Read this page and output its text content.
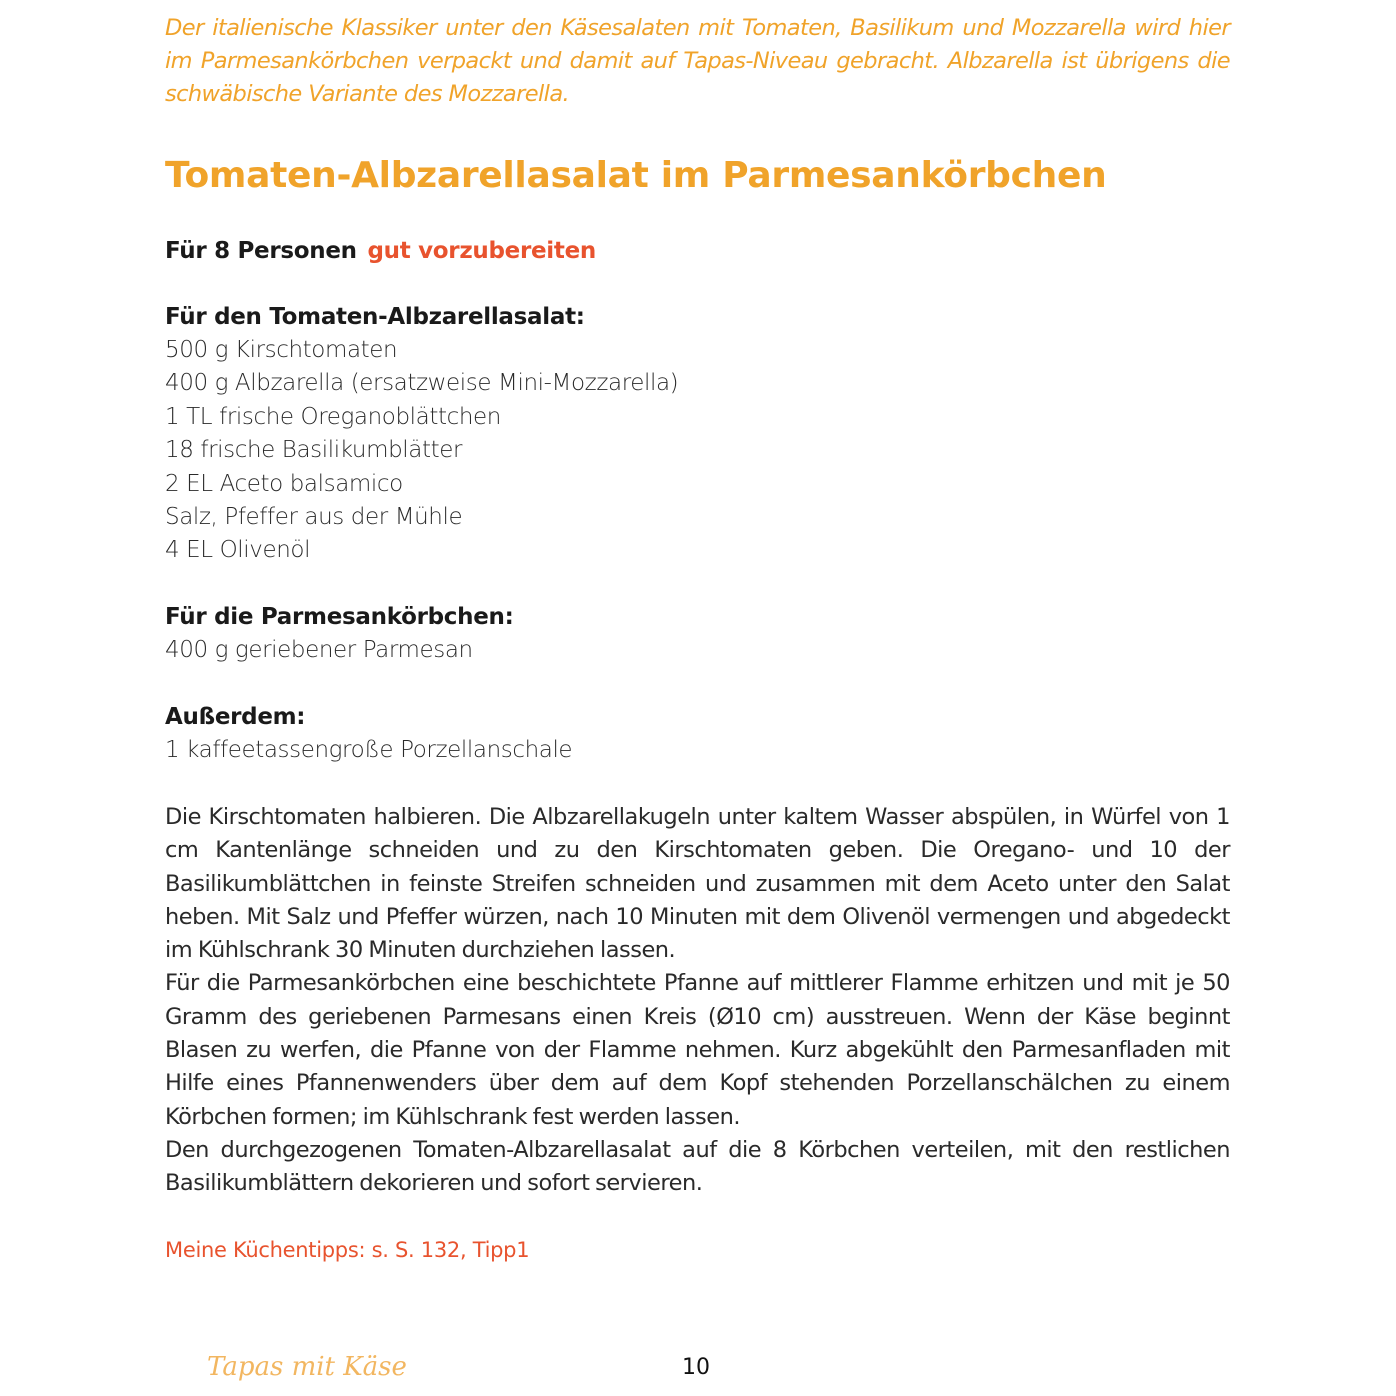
Der italienische Klassiker unter den Käsesalaten mit Tomaten, Basilikum und Mozzarella wird hier im Parmesankörbchen verpackt und damit auf Tapas-Niveau gebracht. Albzarella ist übrigens die schwäbische Variante des Mozzarella.

Tomaten-Albzarellasalat im Parmesankörbchen
Für 8 Personen gut vorzubereiten
Für den Tomaten-Albzarellasalat:
500 g Kirschtomaten
400 g Albzarella (ersatzweise Mini-Mozzarella)
1 TL frische Oreganoblättchen
18 frische Basilikumblätter
2 EL Aceto balsamico
Salz, Pfeffer aus der Mühle
4 EL Olivenöl
Für die Parmesankörbchen:
400 g geriebener Parmesan
Außerdem:
1 kaffeetassengroße Porzellanschale

Die Kirschtomaten halbieren. Die Albzarellakugeln unter kaltem Wasser abspülen, in Würfel von 1 cm Kantenlänge schneiden und zu den Kirschtomaten geben. Die Oregano- und 10 der Basilikumblättchen in feinste Streifen schneiden und zusammen mit dem Aceto unter den Salat heben. Mit Salz und Pfeffer würzen, nach 10 Minuten mit dem Olivenöl vermengen und abgedeckt im Kühlschrank 30 Minuten durchziehen lassen.

Für die Parmesankörbchen eine beschichtete Pfanne auf mittlerer Flamme erhitzen und mit je 50 Gramm des geriebenen Parmesans einen Kreis (Ø10 cm) ausstreuen. Wenn der Käse beginnt Blasen zu werfen, die Pfanne von der Flamme nehmen. Kurz abgekühlt den Parmesanfladen mit Hilfe eines Pfannenwenders über dem auf dem Kopf stehenden Porzellanschälchen zu einem Körbchen formen; im Kühlschrank fest werden lassen.

Den durchgezogenen Tomaten-Albzarellasalat auf die 8 Körbchen verteilen, mit den restlichen Basilikumblättern dekorieren und sofort servieren.

Meine Küchentipps: s. S. 132, Tipp1
Tapas mit Käse	10
